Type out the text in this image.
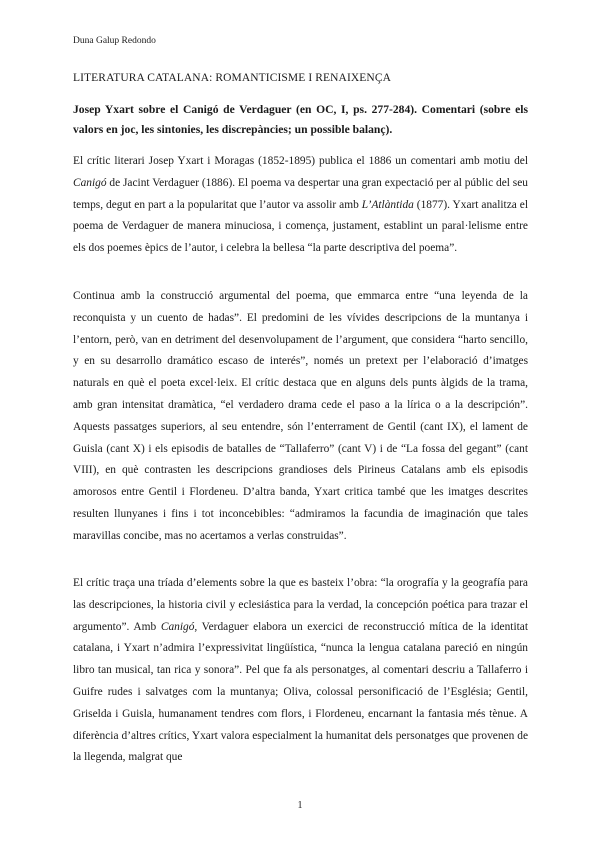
Duna Galup Redondo
LITERATURA CATALANA: ROMANTICISME I RENAIXENÇA
Josep Yxart sobre el Canigó de Verdaguer (en OC, I, ps. 277-284). Comentari (sobre els valors en joc, les sintonies, les discrepàncies; un possible balanç).

El crític literari Josep Yxart i Moragas (1852-1895) publica el 1886 un comentari amb motiu del Canigó de Jacint Verdaguer (1886). El poema va despertar una gran expectació per al públic del seu temps, degut en part a la popularitat que l’autor va assolir amb L’Atlàntida (1877). Yxart analitza el poema de Verdaguer de manera minuciosa, i comença, justament, establint un paral·lelisme entre els dos poemes èpics de l’autor, i celebra la bellesa “la parte descriptiva del poema”.

Continua amb la construcció argumental del poema, que emmarca entre “una leyenda de la reconquista y un cuento de hadas”. El predomini de les vívides descripcions de la muntanya i l’entorn, però, van en detriment del desenvolupament de l’argument, que considera “harto sencillo, y en su desarrollo dramático escaso de interés”, només un pretext per l’elaboració d’imatges naturals en què el poeta excel·leix. El crític destaca que en alguns dels punts àlgids de la trama, amb gran intensitat dramàtica, “el verdadero drama cede el paso a la lírica o a la descripción”. Aquests passatges superiors, al seu entendre, són l’enterrament de Gentil (cant IX), el lament de Guisla (cant X) i els episodis de batalles de “Tallaferro” (cant V) i de “La fossa del gegant” (cant VIII), en què contrasten les descripcions grandioses dels Pirineus Catalans amb els episodis amorosos entre Gentil i Flordeneu. D’altra banda, Yxart critica també que les imatges descrites resulten llunyanes i fins i tot inconcebibles: “admiramos la facundia de imaginación que tales maravillas concibe, mas no acertamos a verlas construidas”.

El crític traça una tríada d’elements sobre la que es basteix l’obra: “la orografía y la geografía para las descripciones, la historia civil y eclesiástica para la verdad, la concepción poética para trazar el argumento”. Amb Canigó, Verdaguer elabora un exercici de reconstrucció mítica de la identitat catalana, i Yxart n’admira l’expressivitat lingüística, “nunca la lengua catalana pareció en ningún libro tan musical, tan rica y sonora”. Pel que fa als personatges, al comentari descriu a Tallaferro i Guifre rudes i salvatges com la muntanya; Oliva, colossal personificació de l’Església; Gentil, Griselda i Guisla, humanament tendres com flors, i Flordeneu, encarnant la fantasia més tènue. A diferència d’altres crítics, Yxart valora especialment la humanitat dels personatges que provenen de la llegenda, malgrat que

1
